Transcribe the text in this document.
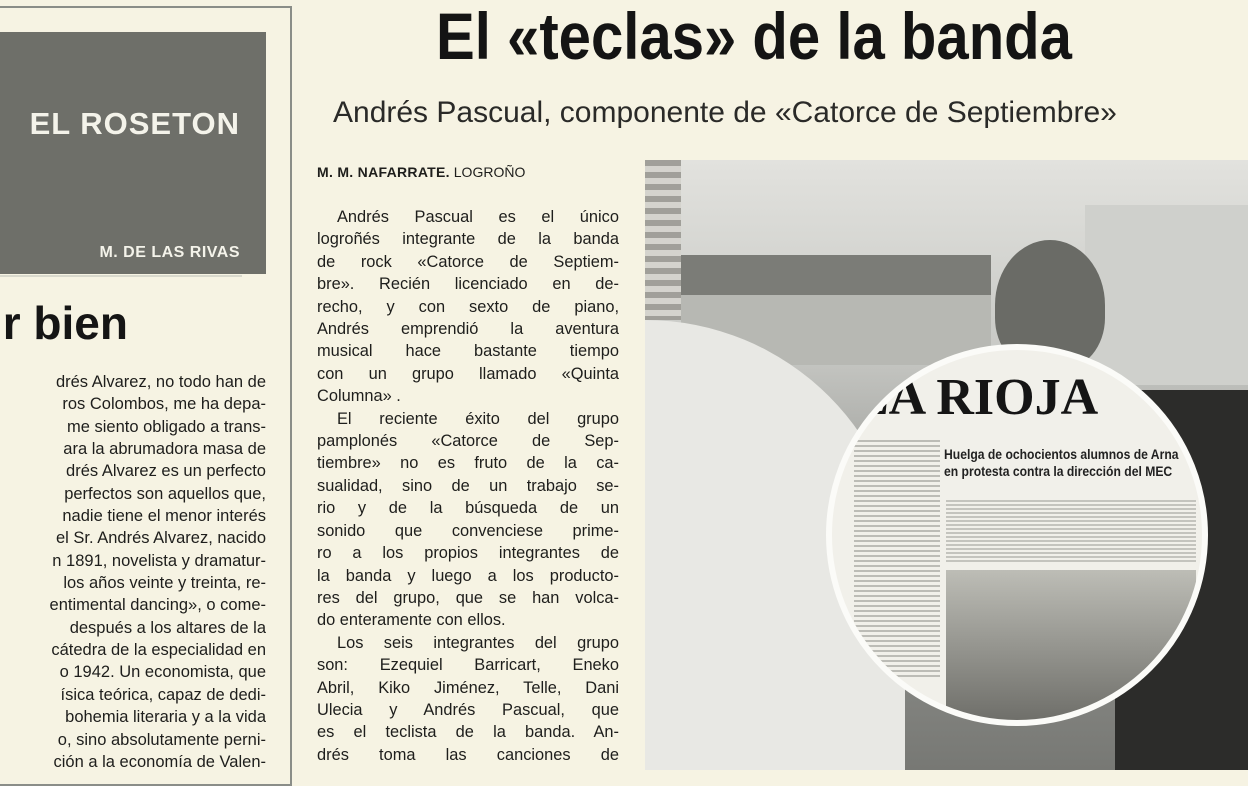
EL ROSETON
M. DE LAS RIVAS
r bien
drés Alvarez, no todo han de
ros Colombos, me ha depa-
me siento obligado a trans-
ara la abrumadora masa de
drés Alvarez es un perfecto
perfectos son aquellos que,
nadie tiene el menor interés
el Sr. Andrés Alvarez, nacido
n 1891, novelista y dramatur-
los años veinte y treinta, re-
entimental dancing», o come-
después a los altares de la
cátedra de la especialidad en
o 1942. Un economista, que
ísica teórica, capaz de dedi-
bohemia literaria y a la vida
o, sino absolutamente perni-
ción a la economía de Valen-
El «teclas» de la banda
Andrés Pascual, componente de «Catorce de Septiembre»
M. M. NAFARRATE. LOGROÑO
Andrés Pascual es el único
logroñés integrante de la banda
de rock «Catorce de Septiem-
bre». Recién licenciado en de-
recho, y con sexto de piano,
Andrés emprendió la aventura
musical hace bastante tiempo
con un grupo llamado «Quinta
Columna» .
El reciente éxito del grupo
pamplonés «Catorce de Sep-
tiembre» no es fruto de la ca-
sualidad, sino de un trabajo se-
rio y de la búsqueda de un
sonido que convenciese prime-
ro a los propios integrantes de
la banda y luego a los producto-
res del grupo, que se han volca-
do enteramente con ellos.
Los seis integrantes del grupo
son: Ezequiel Barricart, Eneko
Abril, Kiko Jiménez, Telle, Dani
Ulecia y Andrés Pascual, que
es el teclista de la banda. An-
drés toma las canciones de
LA RIOJA
Huelga de ochocientos alumnos de Arna
en protesta contra la dirección del MEC
